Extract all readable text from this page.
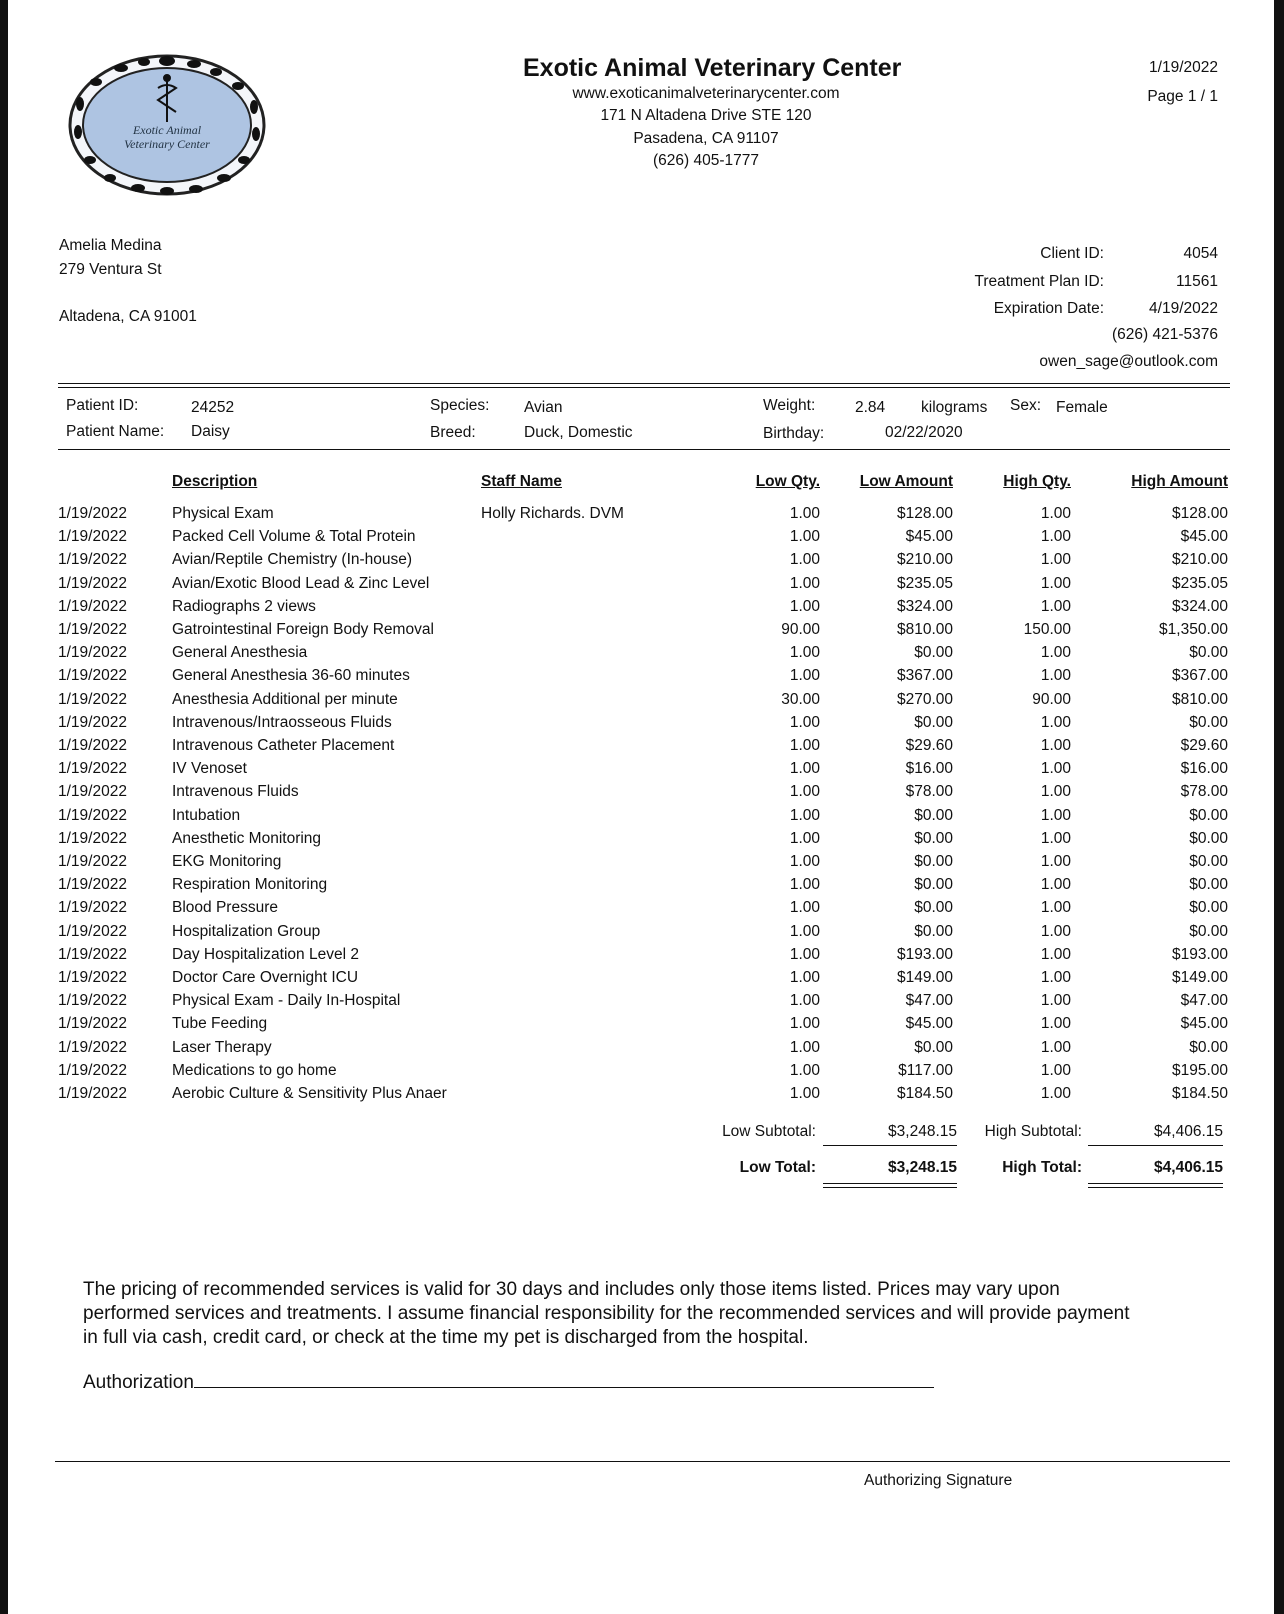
Exotic Animal
Veterinary Center
Exotic Animal Veterinary Center
www.exoticanimalveterinarycenter.com
171 N Altadena Drive STE 120
Pasadena, CA 91107
(626) 405-1777
1/19/2022
Page 1 / 1
Amelia Medina
279 Ventura St
Altadena, CA 91001
Client ID:	4054
Treatment Plan ID:	11561
Expiration Date:	4/19/2022
(626) 421-5376
owen_sage@outlook.com
Patient ID:	24252	Species: Avian	Weight:	2.84 kilograms Sex: Female
Patient Name: Daisy	Breed:	Duck, Domestic	Birthday:	02/22/2020
	Description	Staff Name	Low Qty.	Low Amount	High Qty.	High Amount
1/19/2022	Physical Exam	Holly Richards. DVM	1.00	$128.00	1.00	$128.00
1/19/2022	Packed Cell Volume & Total Protein		1.00	$45.00	1.00	$45.00
1/19/2022	Avian/Reptile Chemistry (In-house)		1.00	$210.00	1.00	$210.00
1/19/2022	Avian/Exotic Blood Lead & Zinc Level		1.00	$235.05	1.00	$235.05
1/19/2022	Radiographs 2 views		1.00	$324.00	1.00	$324.00
1/19/2022	Gatrointestinal Foreign Body Removal		90.00	$810.00	150.00	$1,350.00
1/19/2022	General Anesthesia		1.00	$0.00	1.00	$0.00
1/19/2022	General Anesthesia 36-60 minutes		1.00	$367.00	1.00	$367.00
1/19/2022	Anesthesia Additional per minute		30.00	$270.00	90.00	$810.00
1/19/2022	Intravenous/Intraosseous Fluids		1.00	$0.00	1.00	$0.00
1/19/2022	Intravenous Catheter Placement		1.00	$29.60	1.00	$29.60
1/19/2022	IV Venoset		1.00	$16.00	1.00	$16.00
1/19/2022	Intravenous Fluids		1.00	$78.00	1.00	$78.00
1/19/2022	Intubation		1.00	$0.00	1.00	$0.00
1/19/2022	Anesthetic Monitoring		1.00	$0.00	1.00	$0.00
1/19/2022	EKG Monitoring		1.00	$0.00	1.00	$0.00
1/19/2022	Respiration Monitoring		1.00	$0.00	1.00	$0.00
1/19/2022	Blood Pressure		1.00	$0.00	1.00	$0.00
1/19/2022	Hospitalization Group		1.00	$0.00	1.00	$0.00
1/19/2022	Day Hospitalization Level 2		1.00	$193.00	1.00	$193.00
1/19/2022	Doctor Care Overnight ICU		1.00	$149.00	1.00	$149.00
1/19/2022	Physical Exam - Daily In-Hospital		1.00	$47.00	1.00	$47.00
1/19/2022	Tube Feeding		1.00	$45.00	1.00	$45.00
1/19/2022	Laser Therapy		1.00	$0.00	1.00	$0.00
1/19/2022	Medications to go home		1.00	$117.00	1.00	$195.00
1/19/2022	Aerobic Culture & Sensitivity Plus Anaer		1.00	$184.50	1.00	$184.50
Low Subtotal:	$3,248.15	High Subtotal:	$4,406.15
Low Total:	$3,248.15	High Total:	$4,406.15
The pricing of recommended services is valid for 30 days and includes only those items listed. Prices may vary upon performed services and treatments. I assume financial responsibility for the recommended services and will provide payment in full via cash, credit card, or check at the time my pet is discharged from the hospital.
Authorization
Authorizing Signature
